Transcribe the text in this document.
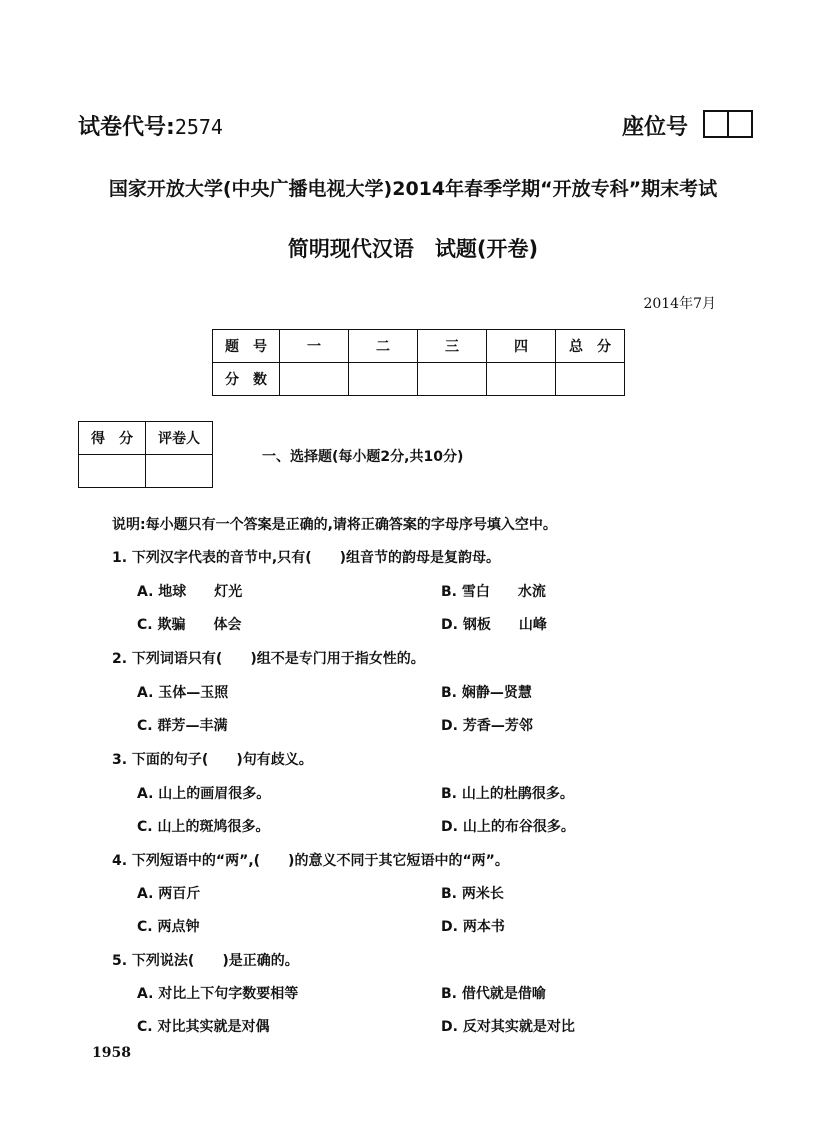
试卷代号:2574	座位号
国家开放大学(中央广播电视大学)2014年春季学期“开放专科”期末考试
简明现代汉语　试题(开卷)
2014年7月
题　号	一	二	三	四	总　分
分　数					
得　分	评卷人

一、选择题(每小题2分,共10分)
说明:每小题只有一个答案是正确的,请将正确答案的字母序号填入空中。
1. 下列汉字代表的音节中,只有(　　)组音节的韵母是复韵母。
A. 地球　　灯光	B. 雪白　　水流
C. 欺骗　　体会	D. 钢板　　山峰
2. 下列词语只有(　　)组不是专门用于指女性的。
A. 玉体—玉照	B. 娴静—贤慧
C. 群芳—丰满	D. 芳香—芳邻
3. 下面的句子(　　)句有歧义。
A. 山上的画眉很多。	B. 山上的杜鹃很多。
C. 山上的斑鸠很多。	D. 山上的布谷很多。
4. 下列短语中的“两”,(　　)的意义不同于其它短语中的“两”。
A. 两百斤	B. 两米长
C. 两点钟	D. 两本书
5. 下列说法(　　)是正确的。
A. 对比上下句字数要相等	B. 借代就是借喻
C. 对比其实就是对偶	D. 反对其实就是对比
1958
